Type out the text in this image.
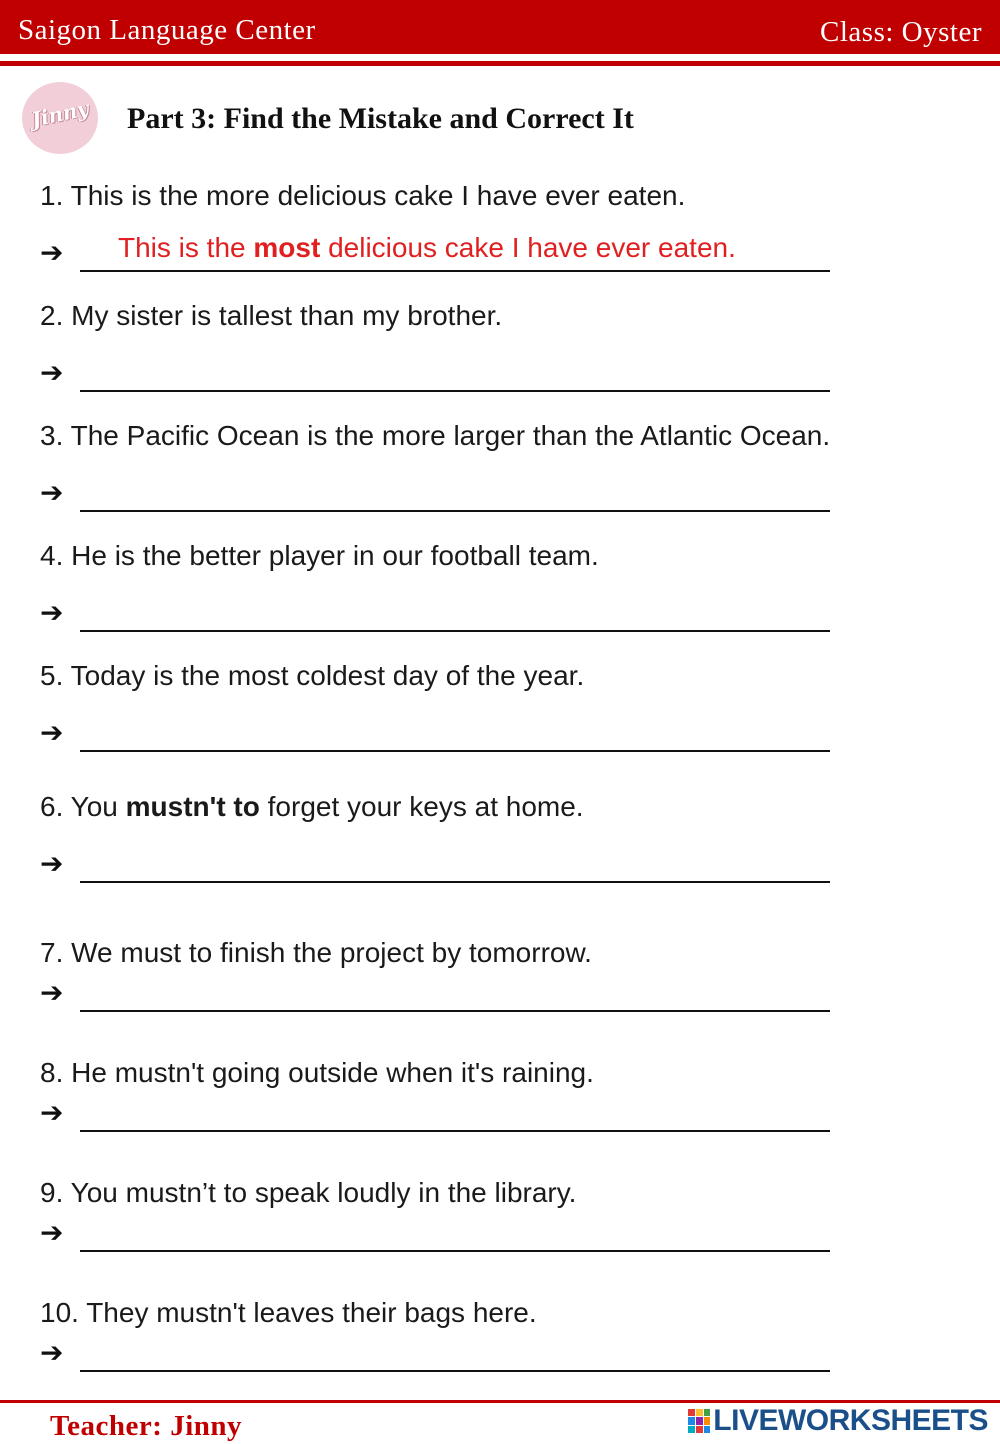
Saigon Language Center	Class: Oyster
Jinny Part 3: Find the Mistake and Correct It
1. This is the more delicious cake I have ever eaten.
➔ This is the most delicious cake I have ever eaten.
2. My sister is tallest than my brother.
➔
3. The Pacific Ocean is the more larger than the Atlantic Ocean.
➔
4. He is the better player in our football team.
➔
5. Today is the most coldest day of the year.
➔
6. You mustn't to forget your keys at home.
➔
7. We must to finish the project by tomorrow.
➔
8. He mustn't going outside when it's raining.
➔
9. You mustn’t to speak loudly in the library.
➔
10. They mustn't leaves their bags here.
➔
Teacher: Jinny	LIVEWORKSHEETS
